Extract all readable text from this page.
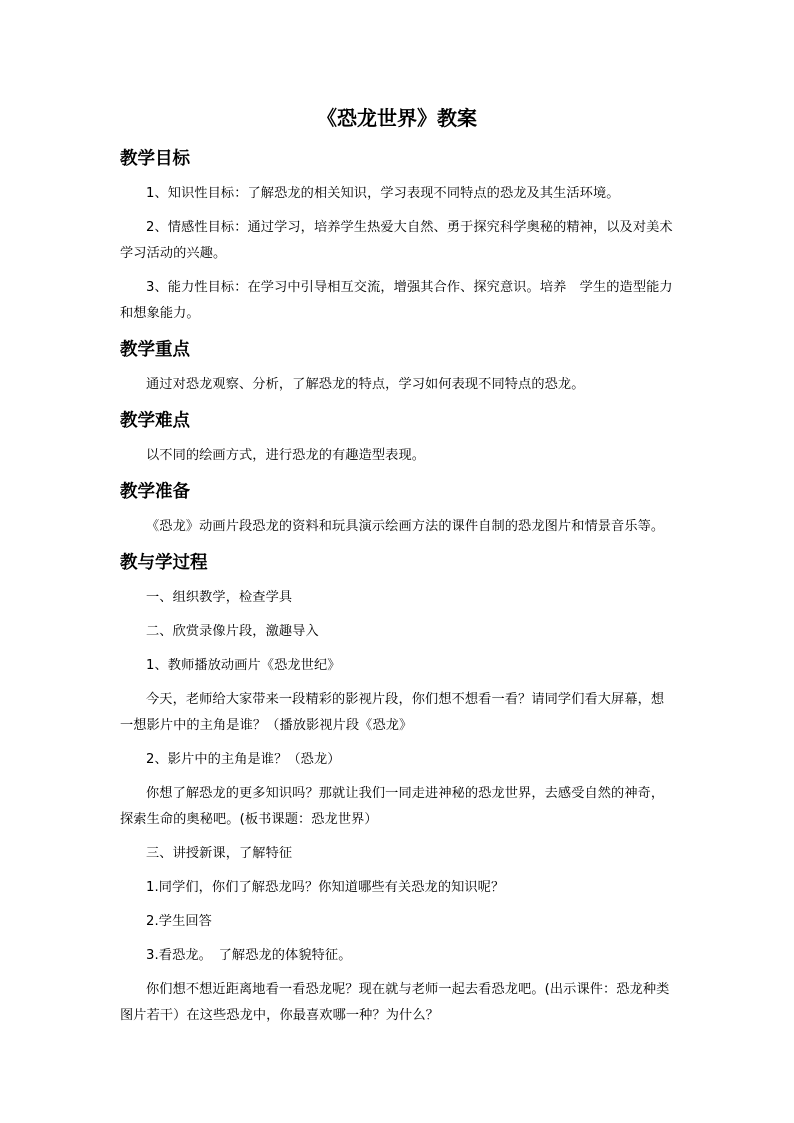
《恐龙世界》教案
教学目标

1、知识性目标：了解恐龙的相关知识，学习表现不同特点的恐龙及其生活环境。

2、情感性目标：通过学习，培养学生热爱大自然、勇于探究科学奥秘的精神，以及对美术学习活动的兴趣。

3、能力性目标：在学习中引导相互交流，增强其合作、探究意识。培养　学生的造型能力和想象能力。

教学重点

通过对恐龙观察、分析，了解恐龙的特点，学习如何表现不同特点的恐龙。

教学难点

以不同的绘画方式，进行恐龙的有趣造型表现。

教学准备

《恐龙》动画片段恐龙的资料和玩具演示绘画方法的课件自制的恐龙图片和情景音乐等。

教与学过程

一、组织教学，检查学具

二、欣赏录像片段，激趣导入

1、教师播放动画片《恐龙世纪》

今天，老师给大家带来一段精彩的影视片段，你们想不想看一看？请同学们看大屏幕，想一想影片中的主角是谁？（播放影视片段《恐龙》

2、影片中的主角是谁？（恐龙）

你想了解恐龙的更多知识吗？那就让我们一同走进神秘的恐龙世界，去感受自然的神奇，探索生命的奥秘吧。(板书课题：恐龙世界）

三、讲授新课，了解特征

1.同学们，你们了解恐龙吗？你知道哪些有关恐龙的知识呢？

2.学生回答

3.看恐龙。　了解恐龙的体貌特征。

你们想不想近距离地看一看恐龙呢？现在就与老师一起去看恐龙吧。(出示课件：恐龙种类图片若干）在这些恐龙中，你最喜欢哪一种？为什么？
